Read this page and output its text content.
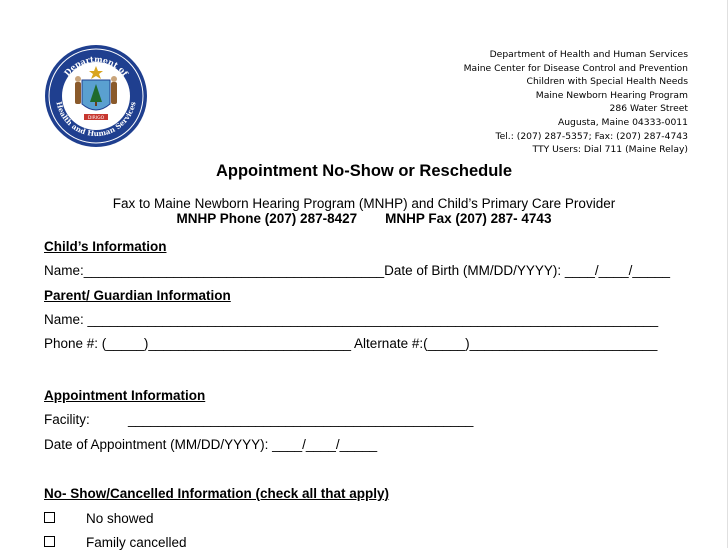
Department of
Health and Human Services
DIRIGO
Department of Health and Human Services
Maine Center for Disease Control and Prevention
Children with Special Health Needs
Maine Newborn Hearing Program
286 Water Street
Augusta, Maine 04333-0011
Tel.: (207) 287-5357; Fax: (207) 287-4743
TTY Users: Dial 711 (Maine Relay)
Appointment No-Show or Reschedule
Fax to Maine Newborn Hearing Program (MNHP) and Child’s Primary Care Provider
MNHP Phone (207) 287-8427 MNHP Fax (207) 287- 4743
Child’s Information
Name:________________________________________Date of Birth (MM/DD/YYYY): ____/____/_____
Parent/ Guardian Information
Name: ____________________________________________________________________________
Phone #: (_____)___________________________ Alternate #:(_____)_________________________
Appointment Information
Facility:	______________________________________________
Date of Appointment (MM/DD/YYYY): ____/____/_____
No- Show/Cancelled Information (check all that apply)
No showed
Family cancelled
